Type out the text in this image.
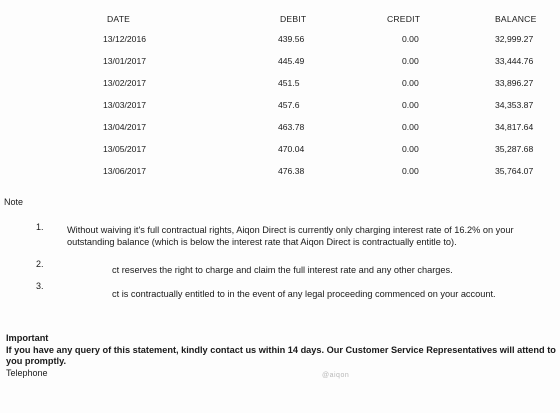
DATE	DEBIT	CREDIT	BALANCE
13/12/2016	439.56	0.00	32,999.27
13/01/2017	445.49	0.00	33,444.76
13/02/2017	451.5	0.00	33,896.27
13/03/2017	457.6	0.00	34,353.87
13/04/2017	463.78	0.00	34,817.64
13/05/2017	470.04	0.00	35,287.68
13/06/2017	476.38	0.00	35,764.07
Note
1.	Without waiving it's full contractual rights, Aiqon Direct is currently only charging interest rate of 16.2% on your
outstanding balance (which is below the interest rate that Aiqon Direct is contractually entitle to).
2.
ct reserves the right to charge and claim the full interest rate and any other charges.
3.
ct is contractually entitled to in the event of any legal proceeding commenced on your account.
Important
If you have any query of this statement, kindly contact us within 14 days. Our Customer Service Representatives will attend to you promptly.
Telephone	@aiqon
